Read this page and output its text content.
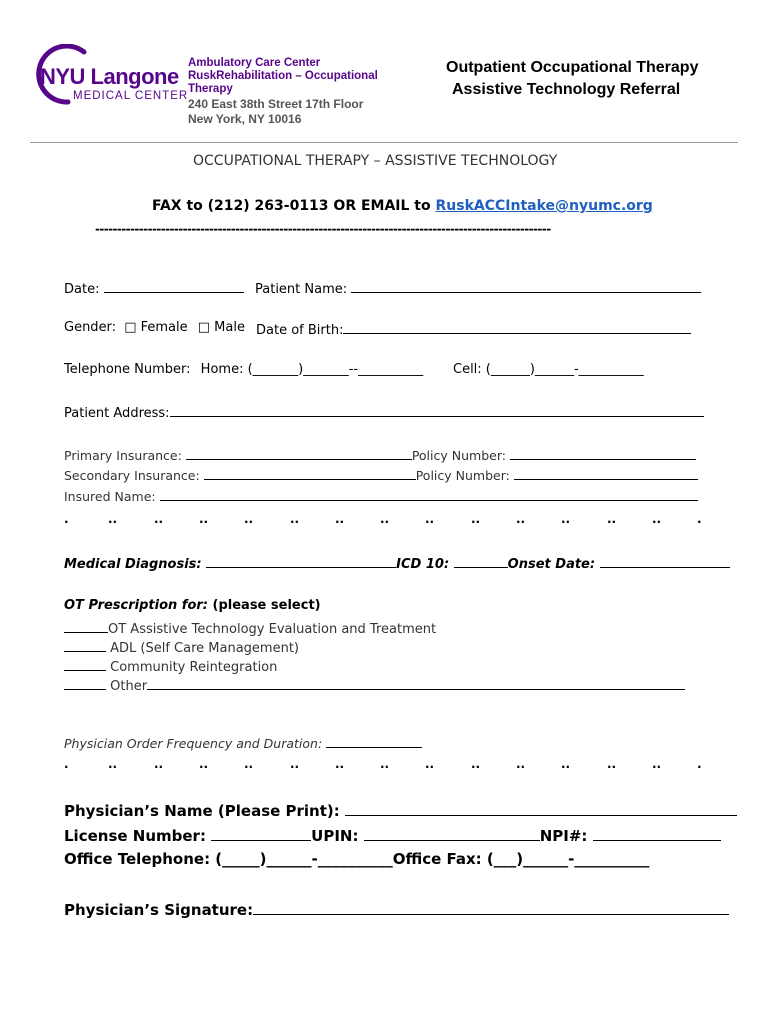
NYU Langone
MEDICAL CENTER
Ambulatory Care Center
RuskRehabilitation – Occupational
Therapy
240 East 38th Street 17th Floor
New York, NY 10016
Outpatient Occupational Therapy
Assistive Technology Referral
OCCUPATIONAL THERAPY – ASSISTIVE TECHNOLOGY
FAX to (212) 263-0113 OR EMAIL to RuskACCIntake@nyumc.org
--------------------------------------------------------------------------------------------------------
Date:	Patient Name:
Gender: □ Female □ Male Date of Birth:
Telephone Number: Home: (_______)_______--__________ Cell: (______)______-__________
Patient Address:
Primary Insurance:	Policy Number:
Secondary Insurance:	Policy Number:
Insured Name:
·	··	··	··	··	··	··	··	··	··	··	··	··	··	·
Medical Diagnosis:	ICD 10:	Onset Date:
OT Prescription for: (please select)
OT Assistive Technology Evaluation and Treatment
ADL (Self Care Management)
Community Reintegration
Other
Physician Order Frequency and Duration:
·	··	··	··	··	··	··	··	··	··	··	··	··	··	·
Physician’s Name (Please Print):
License Number:	UPIN:	NPI#:
Office Telephone: (_____)______-__________Office Fax: (___)______-__________
Physician’s Signature:
